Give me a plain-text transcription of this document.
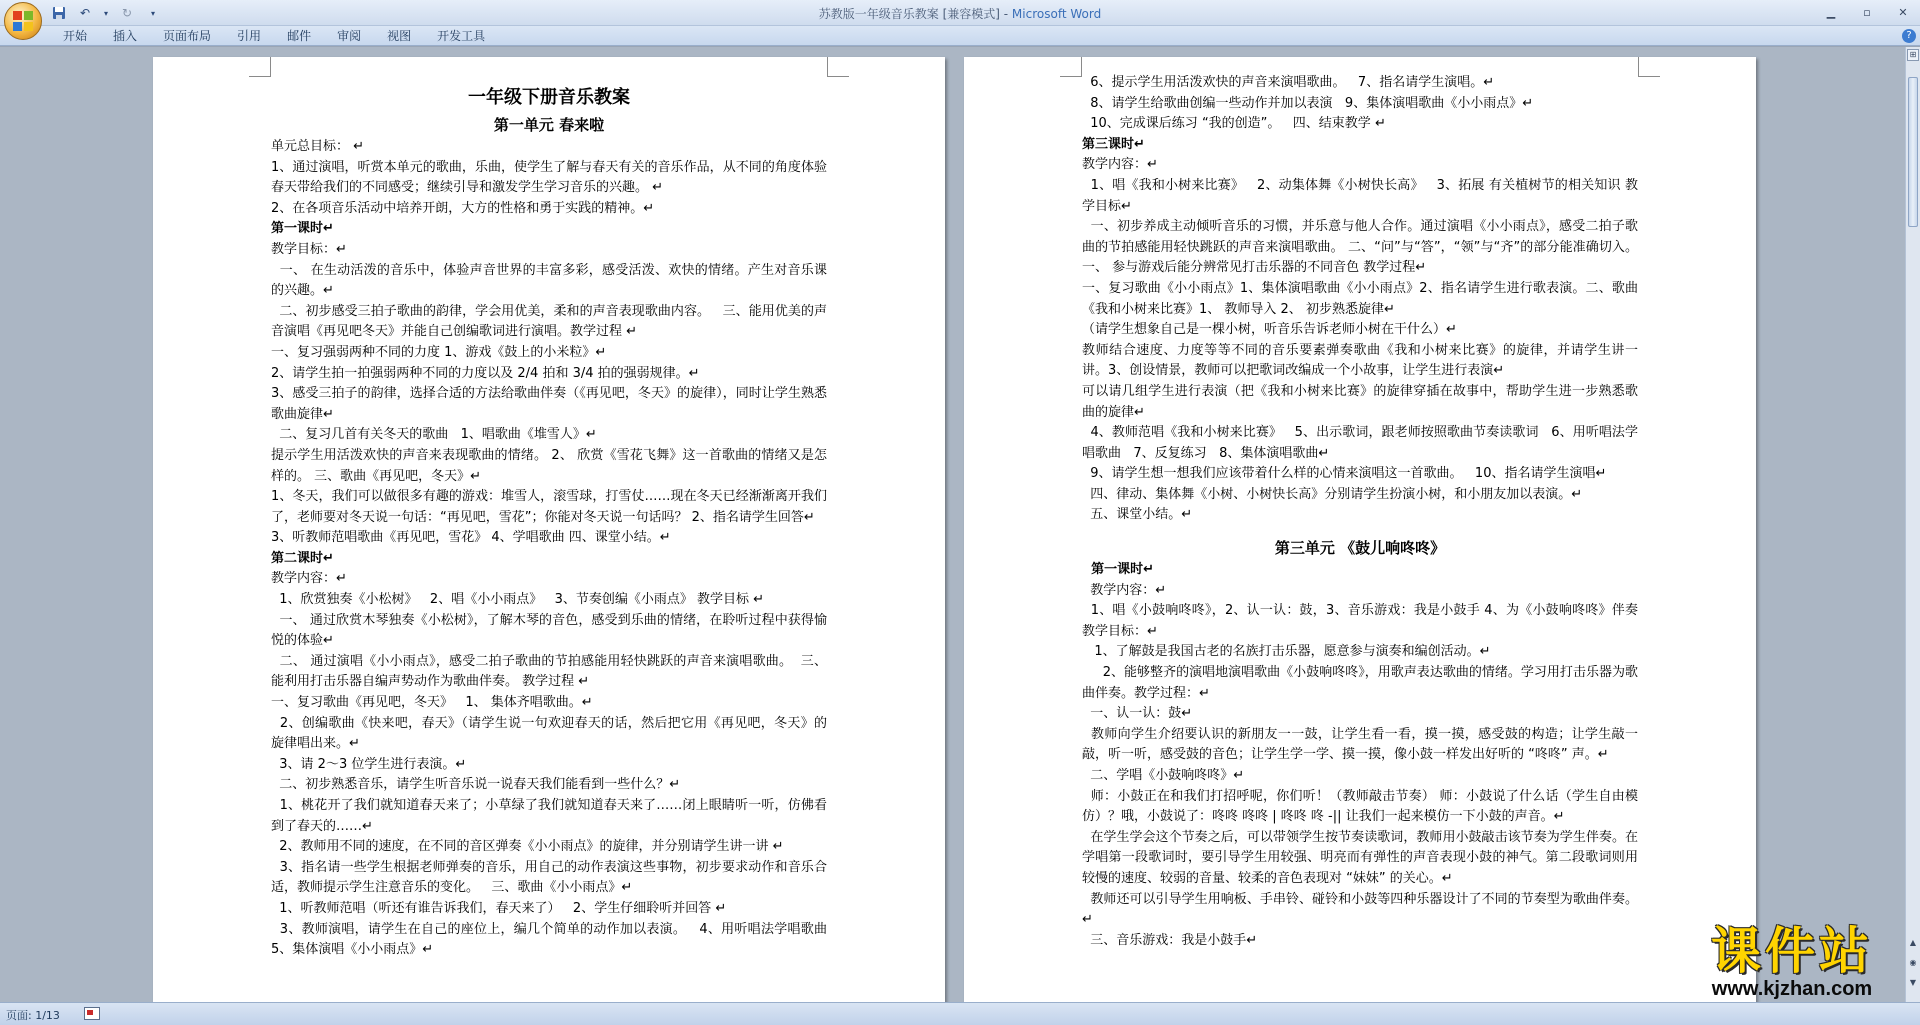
↶	▾	↻	▾	苏教版一年级音乐教案 [兼容模式] - Microsoft Word	▁	▫	✕
开始	插入	页面布局	引用	邮件	审阅	视图	开发工具	?

一年级下册音乐教案

第一单元 春来啦

单元总目标： ↵

1、通过演唱，听赏本单元的歌曲，乐曲，使学生了解与春天有关的音乐作品，从不同的角度体验春天带给我们的不同感受；继续引导和激发学生学习音乐的兴趣。 ↵

2、在各项音乐活动中培养开朗，大方的性格和勇于实践的精神。↵

第一课时↵

教学目标：↵

一、 在生动活泼的音乐中，体验声音世界的丰富多彩，感受活泼、欢快的情绪。产生对音乐课的兴趣。↵

二、初步感受三拍子歌曲的韵律，学会用优美，柔和的声音表现歌曲内容。   三、能用优美的声音演唱《再见吧冬天》并能自己创编歌词进行演唱。教学过程 ↵

一、复习强弱两种不同的力度 1、游戏《鼓上的小米粒》↵

2、请学生拍一拍强弱两种不同的力度以及 2/4 拍和 3/4 拍的强弱规律。↵

3、感受三拍子的韵律，选择合适的方法给歌曲伴奏（《再见吧，冬天》的旋律），同时让学生熟悉歌曲旋律↵

二、复习几首有关冬天的歌曲   1、唱歌曲《堆雪人》↵

提示学生用活泼欢快的声音来表现歌曲的情绪。 2、 欣赏《雪花飞舞》这一首歌曲的情绪又是怎样的。 三、歌曲《再见吧，冬天》↵

1、冬天，我们可以做很多有趣的游戏：堆雪人，滚雪球，打雪仗……现在冬天已经渐渐离开我们了，老师要对冬天说一句话：“再见吧，雪花”；你能对冬天说一句话吗？ 2、指名请学生回答↵

3、听教师范唱歌曲《再见吧，雪花》 4、学唱歌曲 四、课堂小结。↵

第二课时↵

教学内容：↵

1、欣赏独奏《小松树》   2、唱《小小雨点》   3、节奏创编《小雨点》 教学目标 ↵

一、 通过欣赏木琴独奏《小松树》，了解木琴的音色，感受到乐曲的情绪，在聆听过程中获得愉悦的体验↵

二、 通过演唱《小小雨点》，感受二拍子歌曲的节拍感能用轻快跳跃的声音来演唱歌曲。  三、能利用打击乐器自编声势动作为歌曲伴奏。 教学过程 ↵

一、复习歌曲《再见吧，冬天》   1、 集体齐唱歌曲。↵

2、创编歌曲《快来吧，春天》（请学生说一句欢迎春天的话，然后把它用《再见吧，冬天》的旋律唱出来。↵

3、请 2～3 位学生进行表演。↵

二、初步熟悉音乐，请学生听音乐说一说春天我们能看到一些什么？↵

1、桃花开了我们就知道春天来了；小草绿了我们就知道春天来了……闭上眼睛听一听，仿佛看到了春天的……↵

2、教师用不同的速度，在不同的音区弹奏《小小雨点》的旋律，并分别请学生讲一讲 ↵

3、指名请一些学生根据老师弹奏的音乐，用自己的动作表演这些事物，初步要求动作和音乐合适，教师提示学生注意音乐的变化。   三、歌曲《小小雨点》↵

1、听教师范唱（听还有谁告诉我们，春天来了）   2、学生仔细聆听并回答 ↵

3、教师演唱，请学生在自己的座位上，编几个简单的动作加以表演。   4、用听唱法学唱歌曲   5、集体演唱《小小雨点》↵

6、提示学生用活泼欢快的声音来演唱歌曲。   7、指名请学生演唱。↵

8、请学生给歌曲创编一些动作并加以表演   9、集体演唱歌曲《小小雨点》↵

10、完成课后练习 “我的创造”。   四、结束教学 ↵

第三课时↵

教学内容：↵

1、唱《我和小树来比赛》   2、动集体舞《小树快长高》   3、拓展 有关植树节的相关知识 教学目标↵

一、初步养成主动倾听音乐的习惯，并乐意与他人合作。通过演唱《小小雨点》，感受二拍子歌曲的节拍感能用轻快跳跃的声音来演唱歌曲。 二、“问”与“答”，“领”与“齐”的部分能准确切入。   一、 参与游戏后能分辨常见打击乐器的不同音色 教学过程↵

一、复习歌曲《小小雨点》1、集体演唱歌曲《小小雨点》2、指名请学生进行歌表演。二、歌曲《我和小树来比赛》1、 教师导入 2、 初步熟悉旋律↵

（请学生想象自己是一棵小树，听音乐告诉老师小树在干什么）↵

教师结合速度、力度等等不同的音乐要素弹奏歌曲《我和小树来比赛》的旋律，并请学生讲一讲。3、创设情景，教师可以把歌词改编成一个小故事，让学生进行表演↵

可以请几组学生进行表演（把《我和小树来比赛》的旋律穿插在故事中，帮助学生进一步熟悉歌曲的旋律↵

4、教师范唱《我和小树来比赛》   5、出示歌词，跟老师按照歌曲节奏读歌词   6、用听唱法学唱歌曲   7、反复练习   8、集体演唱歌曲↵

9、请学生想一想我们应该带着什么样的心情来演唱这一首歌曲。   10、指名请学生演唱↵

四、律动、集体舞《小树、小树快长高》分别请学生扮演小树，和小朋友加以表演。↵

五、课堂小结。↵

第三单元 《鼓儿响咚咚》

第一课时↵

教学内容：↵

1、唱《小鼓响咚咚》，2、认一认：鼓，3、音乐游戏：我是小鼓手 4、为《小鼓响咚咚》伴奏教学目标：↵

1、了解鼓是我国古老的名族打击乐器，愿意参与演奏和编创活动。↵

2、能够整齐的演唱地演唱歌曲《小鼓响咚咚》，用歌声表达歌曲的情绪。学习用打击乐器为歌曲伴奏。教学过程：↵

一、认一认：鼓↵

教师向学生介绍要认识的新朋友一一鼓，让学生看一看，摸一摸，感受鼓的构造；让学生敲一敲，听一听，感受鼓的音色；让学生学一学、摸一摸，像小鼓一样发出好听的 “咚咚” 声。↵

二、学唱《小鼓响咚咚》↵

师：小鼓正在和我们打招呼呢，你们听！（教师敲击节奏） 师：小鼓说了什么话（学生自由模仿）？哦，小鼓说了：咚咚 咚咚 | 咚咚 咚 -|| 让我们一起来模仿一下小鼓的声音。↵

在学生学会这个节奏之后，可以带领学生按节奏读歌词，教师用小鼓敲击该节奏为学生伴奏。在学唱第一段歌词时，要引导学生用较强、明亮而有弹性的声音表现小鼓的神气。第二段歌词则用较慢的速度、较弱的音量、较柔的音色表现对 “妹妹” 的关心。↵

教师还可以引导学生用响板、手串铃、碰铃和小鼓等四种乐器设计了不同的节奏型为歌曲伴奏。↵

三、音乐游戏：我是小鼓手↵

⊞
▲
◉
▼
页面: 1/13
课件站
www.kjzhan.com
